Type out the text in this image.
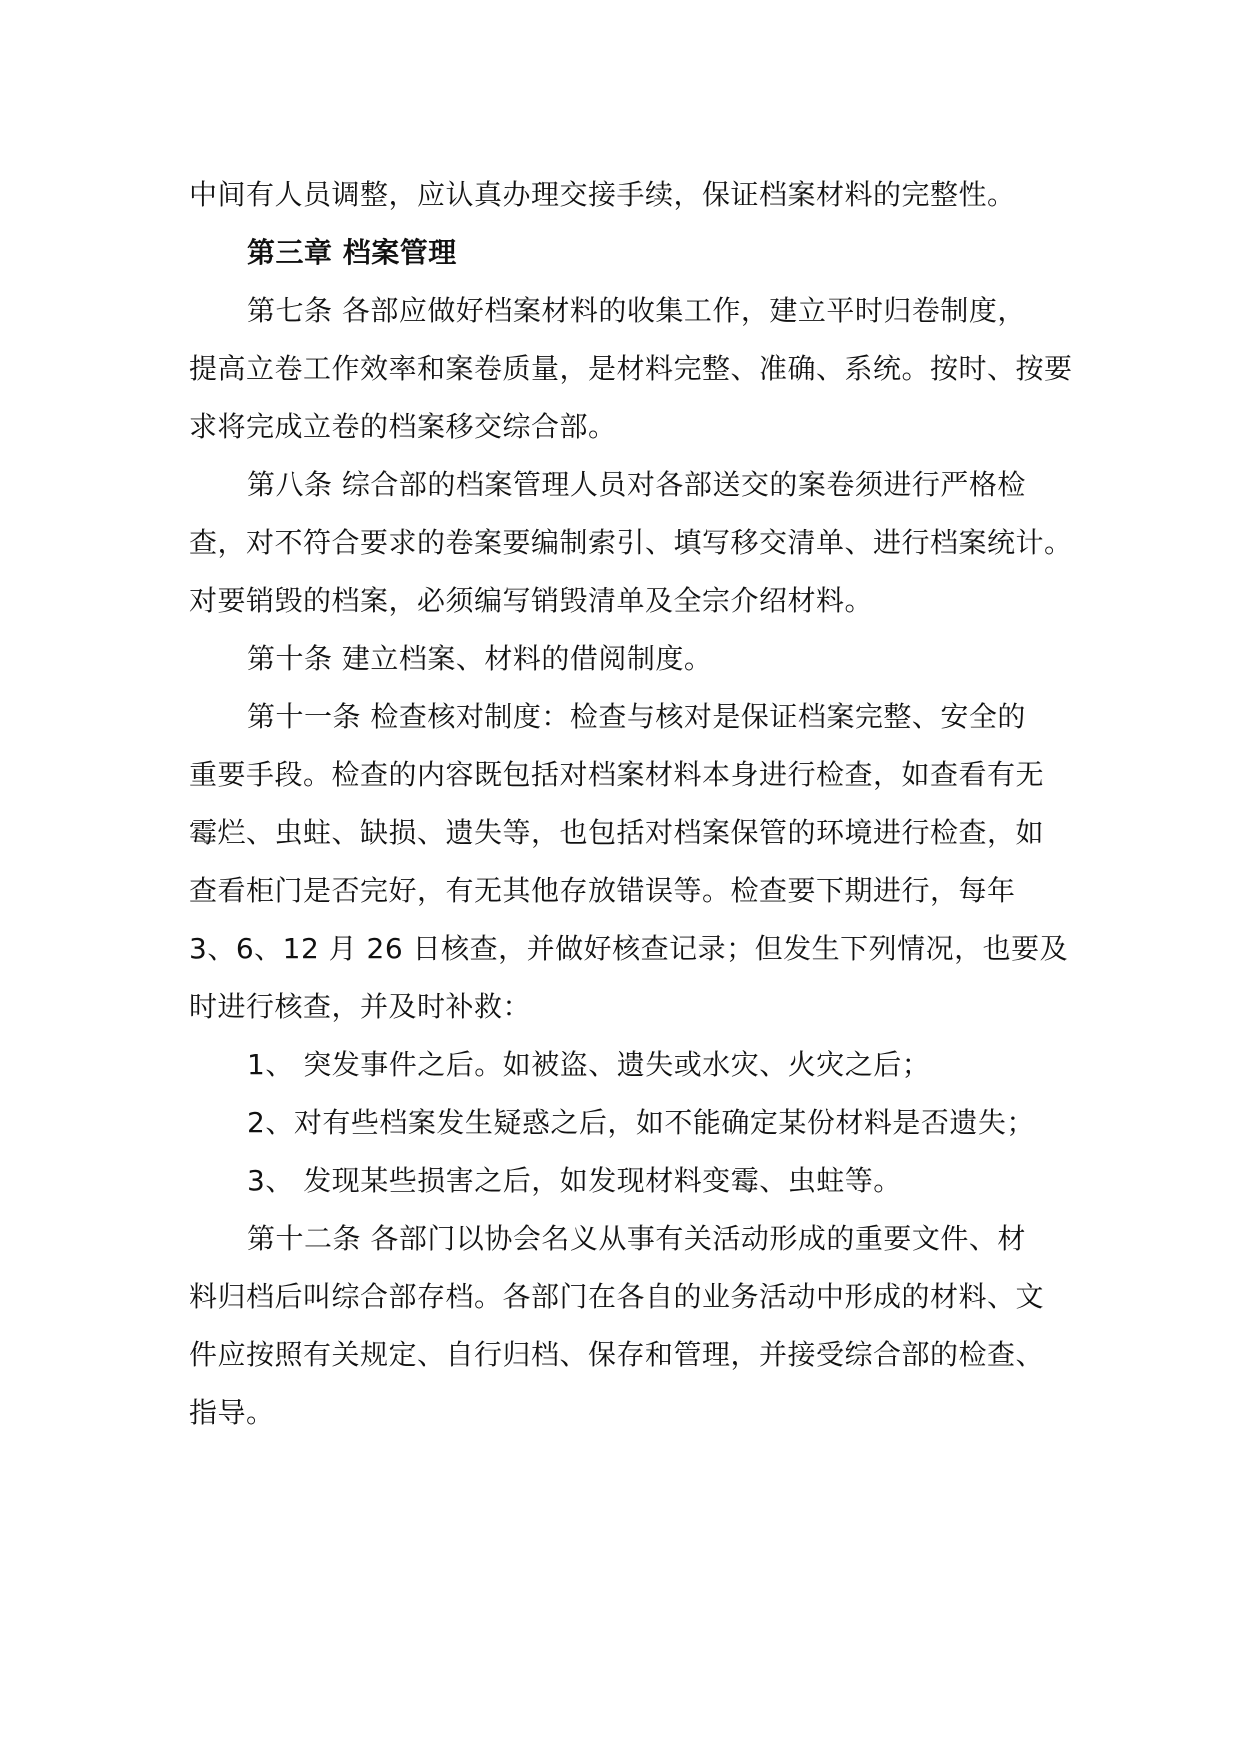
中间有人员调整，应认真办理交接手续，保证档案材料的完整性。
第三章 档案管理
第七条 各部应做好档案材料的收集工作，建立平时归卷制度，
提高立卷工作效率和案卷质量，是材料完整、准确、系统。按时、按要
求将完成立卷的档案移交综合部。
第八条 综合部的档案管理人员对各部送交的案卷须进行严格检
查，对不符合要求的卷案要编制索引、填写移交清单、进行档案统计。
对要销毁的档案，必须编写销毁清单及全宗介绍材料。
第十条 建立档案、材料的借阅制度。
第十一条 检查核对制度：检查与核对是保证档案完整、安全的
重要手段。检查的内容既包括对档案材料本身进行检查，如查看有无
霉烂、虫蛀、缺损、遗失等，也包括对档案保管的环境进行检查，如
查看柜门是否完好，有无其他存放错误等。检查要下期进行，每年
3、6、12 月 26 日核查，并做好核查记录；但发生下列情况，也要及
时进行核查，并及时补救：
1、 突发事件之后。如被盗、遗失或水灾、火灾之后；
2、对有些档案发生疑惑之后，如不能确定某份材料是否遗失；
3、 发现某些损害之后，如发现材料变霉、虫蛀等。
第十二条 各部门以协会名义从事有关活动形成的重要文件、材
料归档后叫综合部存档。各部门在各自的业务活动中形成的材料、文
件应按照有关规定、自行归档、保存和管理，并接受综合部的检查、
指导。
